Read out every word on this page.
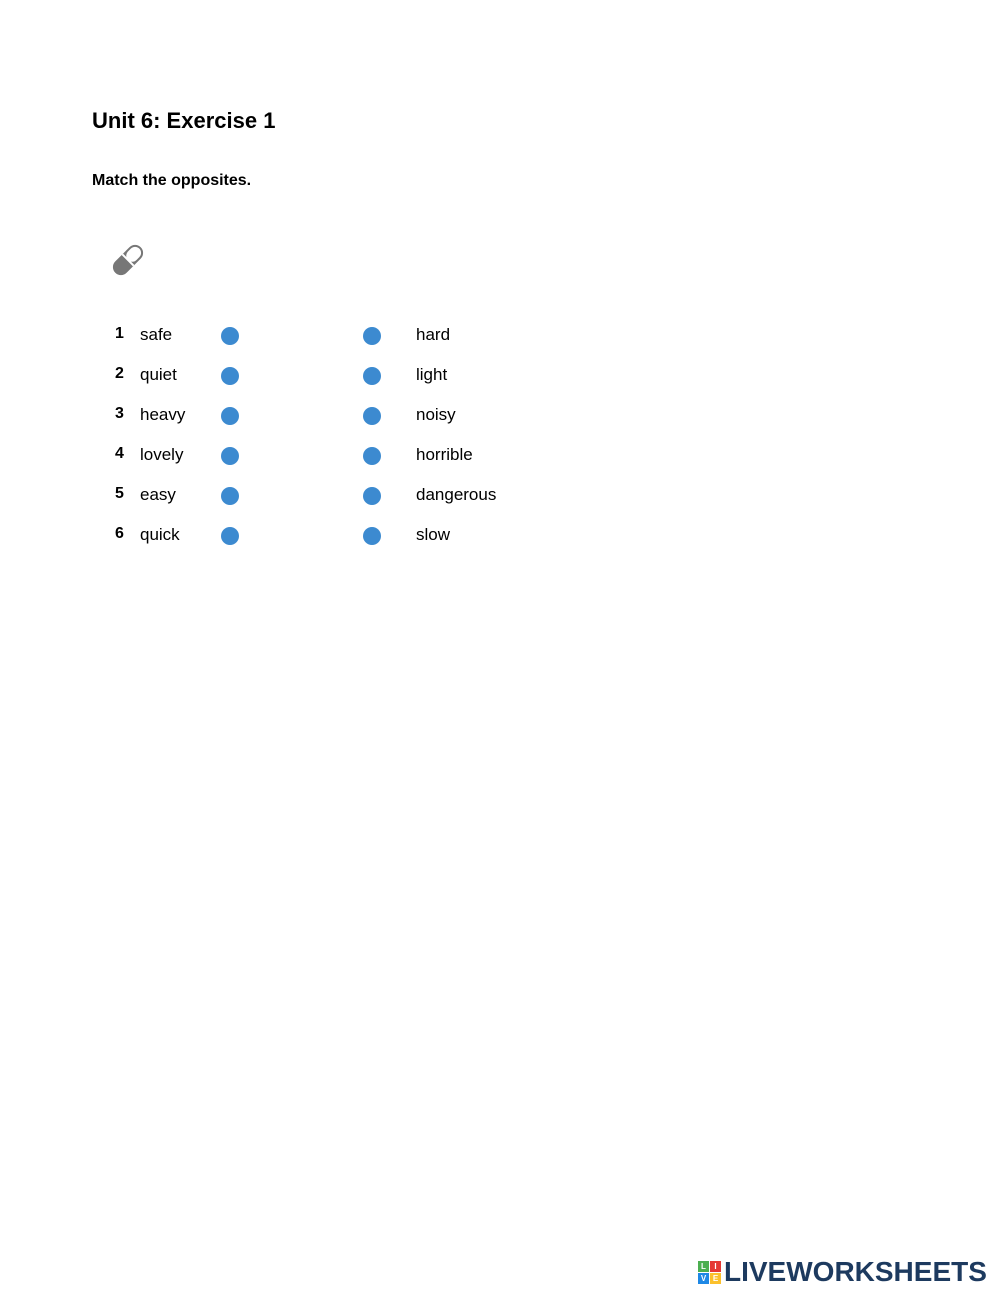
Unit 6: Exercise 1

Match the opposites.

1 safe	hard
2 quiet	light
3 heavy	noisy
4 lovely	horrible
5 easy	dangerous
6 quick	slow
L	I
V E LIVEWORKSHEETS
